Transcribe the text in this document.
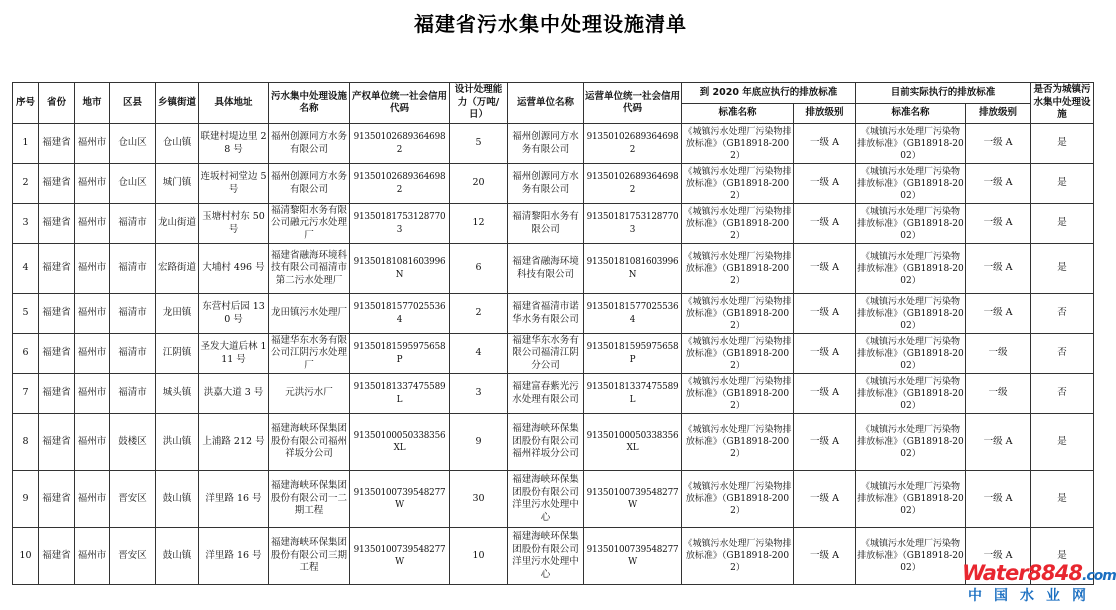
福建省污水集中处理设施清单
序号	省份	地市	区县	乡镇街道	具体地址	污水集中处理设施名称	产权单位统一社会信用代码	设计处理能力（万吨/日）	运营单位名称	运营单位统一社会信用代码	到 2020 年底应执行的排放标准		目前实际执行的排放标准		是否为城镇污水集中处理设施
											标准名称	排放级别	标准名称	排放级别	
1	福建省	福州市	仓山区	仓山镇	联建村堤边里 28 号	福州创源同方水务有限公司	913501026893646982	5	福州创源同方水务有限公司	913501026893646982	《城镇污水处理厂污染物排放标准》（GB18918-2002）	一级 A	《城镇污水处理厂污染物排放标准》（GB18918-2002）	一级 A	是
2	福建省	福州市	仓山区	城门镇	连坂村祠堂边 5 号	福州创源同方水务有限公司	913501026893646982	20	福州创源同方水务有限公司	913501026893646982	《城镇污水处理厂污染物排放标准》（GB18918-2002）	一级 A	《城镇污水处理厂污染物排放标准》（GB18918-2002）	一级 A	是
3	福建省	福州市	福清市	龙山街道	玉塘村村东 50 号	福清黎阳水务有限公司融元污水处理厂	913501817531287703	12	福清黎阳水务有限公司	913501817531287703	《城镇污水处理厂污染物排放标准》（GB18918-2002）	一级 A	《城镇污水处理厂污染物排放标准》（GB18918-2002）	一级 A	是
4	福建省	福州市	福清市	宏路街道	大埔村 496 号	福建省融海环境科技有限公司福清市第二污水处理厂	91350181081603996N	6	福建省融海环境科技有限公司	91350181081603996N	《城镇污水处理厂污染物排放标准》（GB18918-2002）	一级 A	《城镇污水处理厂污染物排放标准》（GB18918-2002）	一级 A	是
5	福建省	福州市	福清市	龙田镇	东营村后园 130 号	龙田镇污水处理厂	913501815770255364	2	福建省福清市诺华水务有限公司	913501815770255364	《城镇污水处理厂污染物排放标准》（GB18918-2002）	一级 A	《城镇污水处理厂污染物排放标准》（GB18918-2002）	一级 A	否
6	福建省	福州市	福清市	江阴镇	圣发大道后林 111 号	福建华东水务有限公司江阴污水处理厂	91350181595975658P	4	福建华东水务有限公司福清江阴分公司	91350181595975658P	《城镇污水处理厂污染物排放标准》（GB18918-2002）	一级 A	《城镇污水处理厂污染物排放标准》（GB18918-2002）	一级	否
7	福建省	福州市	福清市	城头镇	洪嘉大道 3 号	元洪污水厂	91350181337475589L	3	福建富春紫光污水处理有限公司	91350181337475589L	《城镇污水处理厂污染物排放标准》（GB18918-2002）	一级 A	《城镇污水处理厂污染物排放标准》（GB18918-2002）	一级	否
8	福建省	福州市	鼓楼区	洪山镇	上浦路 212 号	福建海峡环保集团股份有限公司福州祥坂分公司	91350100050338356XL	9	福建海峡环保集团股份有限公司福州祥坂分公司	91350100050338356XL	《城镇污水处理厂污染物排放标准》（GB18918-2002）	一级 A	《城镇污水处理厂污染物排放标准》（GB18918-2002）	一级 A	是
9	福建省	福州市	晋安区	鼓山镇	洋里路 16 号	福建海峡环保集团股份有限公司一二期工程	91350100739548277W	30	福建海峡环保集团股份有限公司洋里污水处理中心	91350100739548277W	《城镇污水处理厂污染物排放标准》（GB18918-2002）	一级 A	《城镇污水处理厂污染物排放标准》（GB18918-2002）	一级 A	是
10	福建省	福州市	晋安区	鼓山镇	洋里路 16 号	福建海峡环保集团股份有限公司三期工程	91350100739548277W	10	福建海峡环保集团股份有限公司洋里污水处理中心	91350100739548277W	《城镇污水处理厂污染物排放标准》（GB18918-2002）	一级 A	《城镇污水处理厂污染物排放标准》（GB18918-2002）	一级 A	是
Water8848.com
中国水业网
